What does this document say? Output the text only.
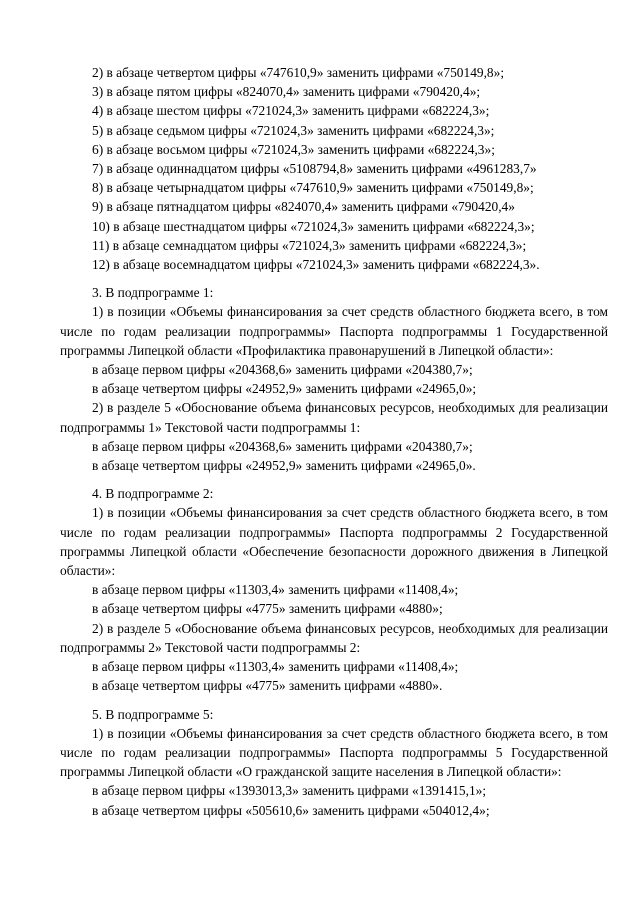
2) в абзаце четвертом цифры «747610,9» заменить цифрами «750149,8»;

3) в абзаце пятом цифры «824070,4» заменить цифрами «790420,4»;

4) в абзаце шестом цифры «721024,3» заменить цифрами «682224,3»;

5) в абзаце седьмом цифры «721024,3» заменить цифрами «682224,3»;

6) в абзаце восьмом цифры «721024,3» заменить цифрами «682224,3»;

7) в абзаце одиннадцатом цифры «5108794,8» заменить цифрами «4961283,7»

8) в абзаце четырнадцатом цифры «747610,9» заменить цифрами «750149,8»;

9) в абзаце пятнадцатом цифры «824070,4» заменить цифрами «790420,4»

10) в абзаце шестнадцатом цифры «721024,3» заменить цифрами «682224,3»;

11) в абзаце семнадцатом цифры «721024,3» заменить цифрами «682224,3»;

12) в абзаце восемнадцатом цифры «721024,3» заменить цифрами «682224,3».

3. В подпрограмме 1:

1) в позиции «Объемы финансирования за счет средств областного бюджета всего, в том числе по годам реализации подпрограммы» Паспорта подпрограммы 1 Государственной программы Липецкой области «Профилактика правонарушений в Липецкой области»:

в абзаце первом цифры «204368,6» заменить цифрами «204380,7»;

в абзаце четвертом цифры «24952,9» заменить цифрами «24965,0»;

2) в разделе 5 «Обоснование объема финансовых ресурсов, необходимых для реализации подпрограммы 1» Текстовой части подпрограммы 1:

в абзаце первом цифры «204368,6» заменить цифрами «204380,7»;

в абзаце четвертом цифры «24952,9» заменить цифрами «24965,0».

4. В подпрограмме 2:

1) в позиции «Объемы финансирования за счет средств областного бюджета всего, в том числе по годам реализации подпрограммы» Паспорта подпрограммы 2 Государственной программы Липецкой области «Обеспечение безопасности дорожного движения в Липецкой области»:

в абзаце первом цифры «11303,4» заменить цифрами «11408,4»;

в абзаце четвертом цифры «4775» заменить цифрами «4880»;

2) в разделе 5 «Обоснование объема финансовых ресурсов, необходимых для реализации подпрограммы 2» Текстовой части подпрограммы 2:

в абзаце первом цифры «11303,4» заменить цифрами «11408,4»;

в абзаце четвертом цифры «4775» заменить цифрами «4880».

5. В подпрограмме 5:

1) в позиции «Объемы финансирования за счет средств областного бюджета всего, в том числе по годам реализации подпрограммы» Паспорта подпрограммы 5 Государственной программы Липецкой области «О гражданской защите населения в Липецкой области»:

в абзаце первом цифры «1393013,3» заменить цифрами «1391415,1»;

в абзаце четвертом цифры «505610,6» заменить цифрами «504012,4»;
